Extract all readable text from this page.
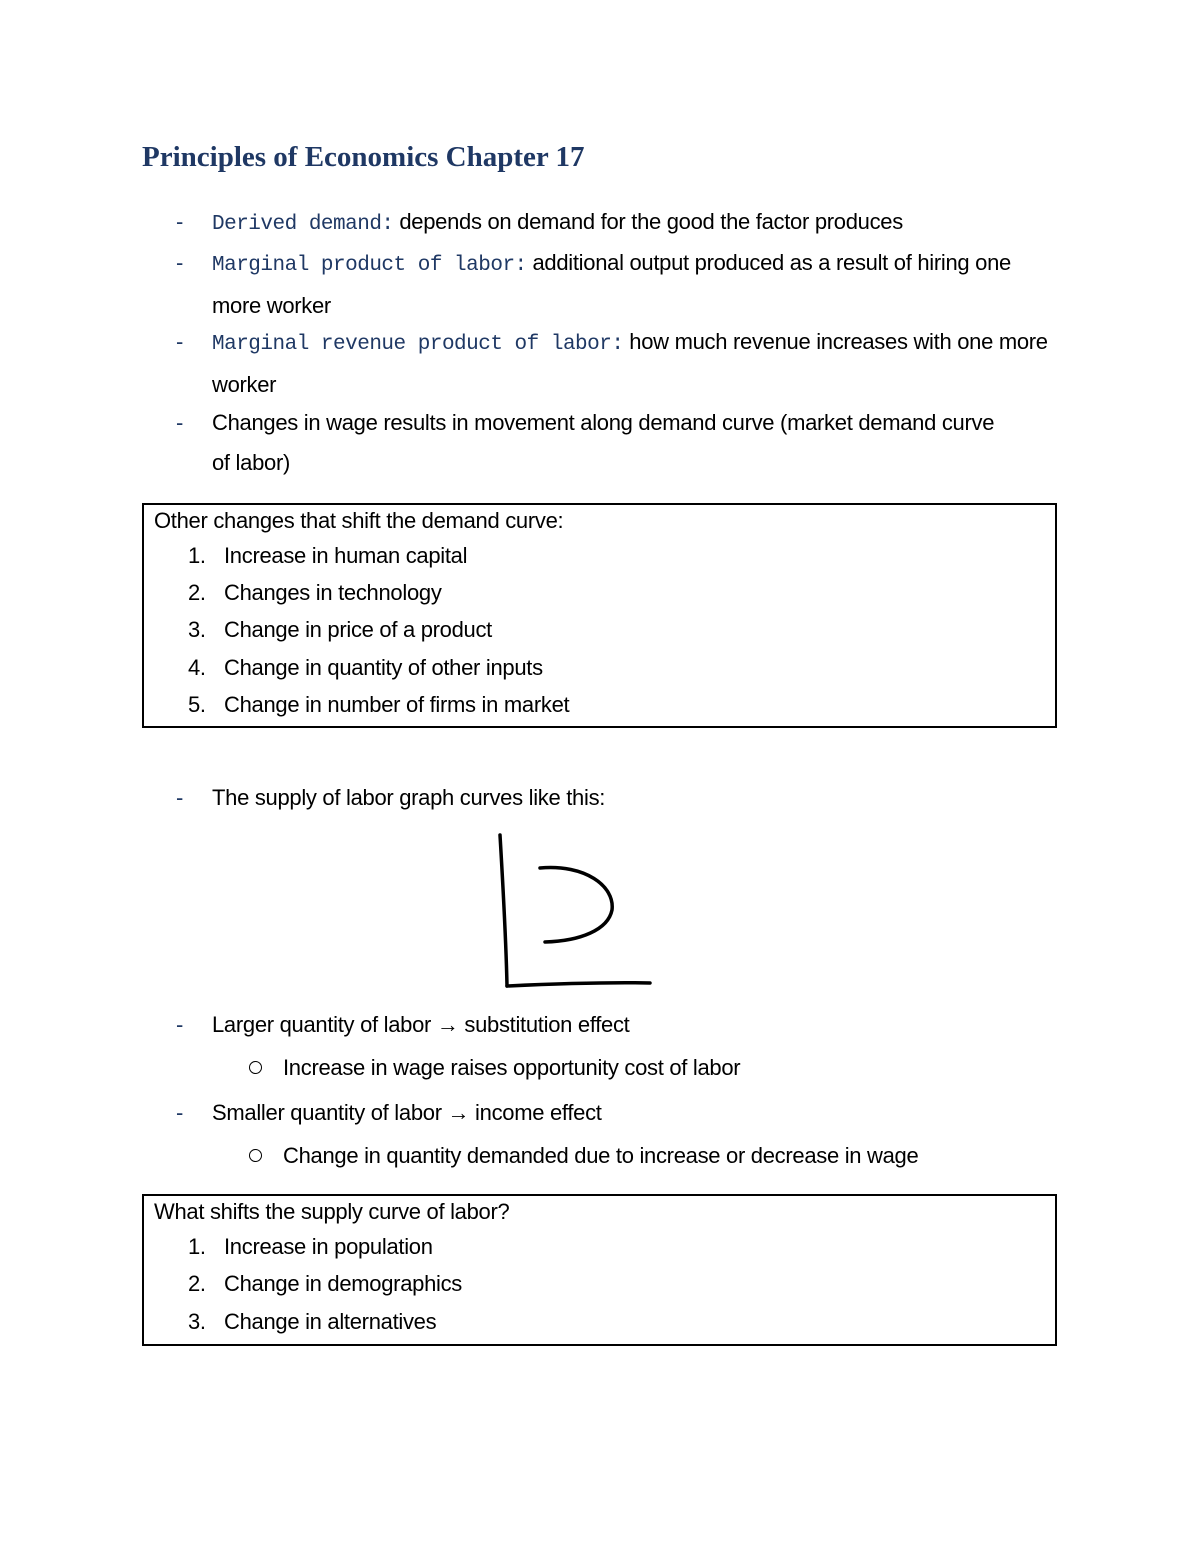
Principles of Economics Chapter 17
- Derived demand: depends on demand for the good the factor produces
- Marginal product of labor: additional output produced as a result of hiring one
more worker
- Marginal revenue product of labor: how much revenue increases with one more
worker
- Changes in wage results in movement along demand curve (market demand curve
of labor)
Other changes that shift the demand curve:
1. Increase in human capital
2. Changes in technology
3. Change in price of a product
4. Change in quantity of other inputs
5. Change in number of firms in market
- The supply of labor graph curves like this:
- Larger quantity of labor → substitution effect
Increase in wage raises opportunity cost of labor
- Smaller quantity of labor → income effect
Change in quantity demanded due to increase or decrease in wage
What shifts the supply curve of labor?
1. Increase in population
2. Change in demographics
3. Change in alternatives
